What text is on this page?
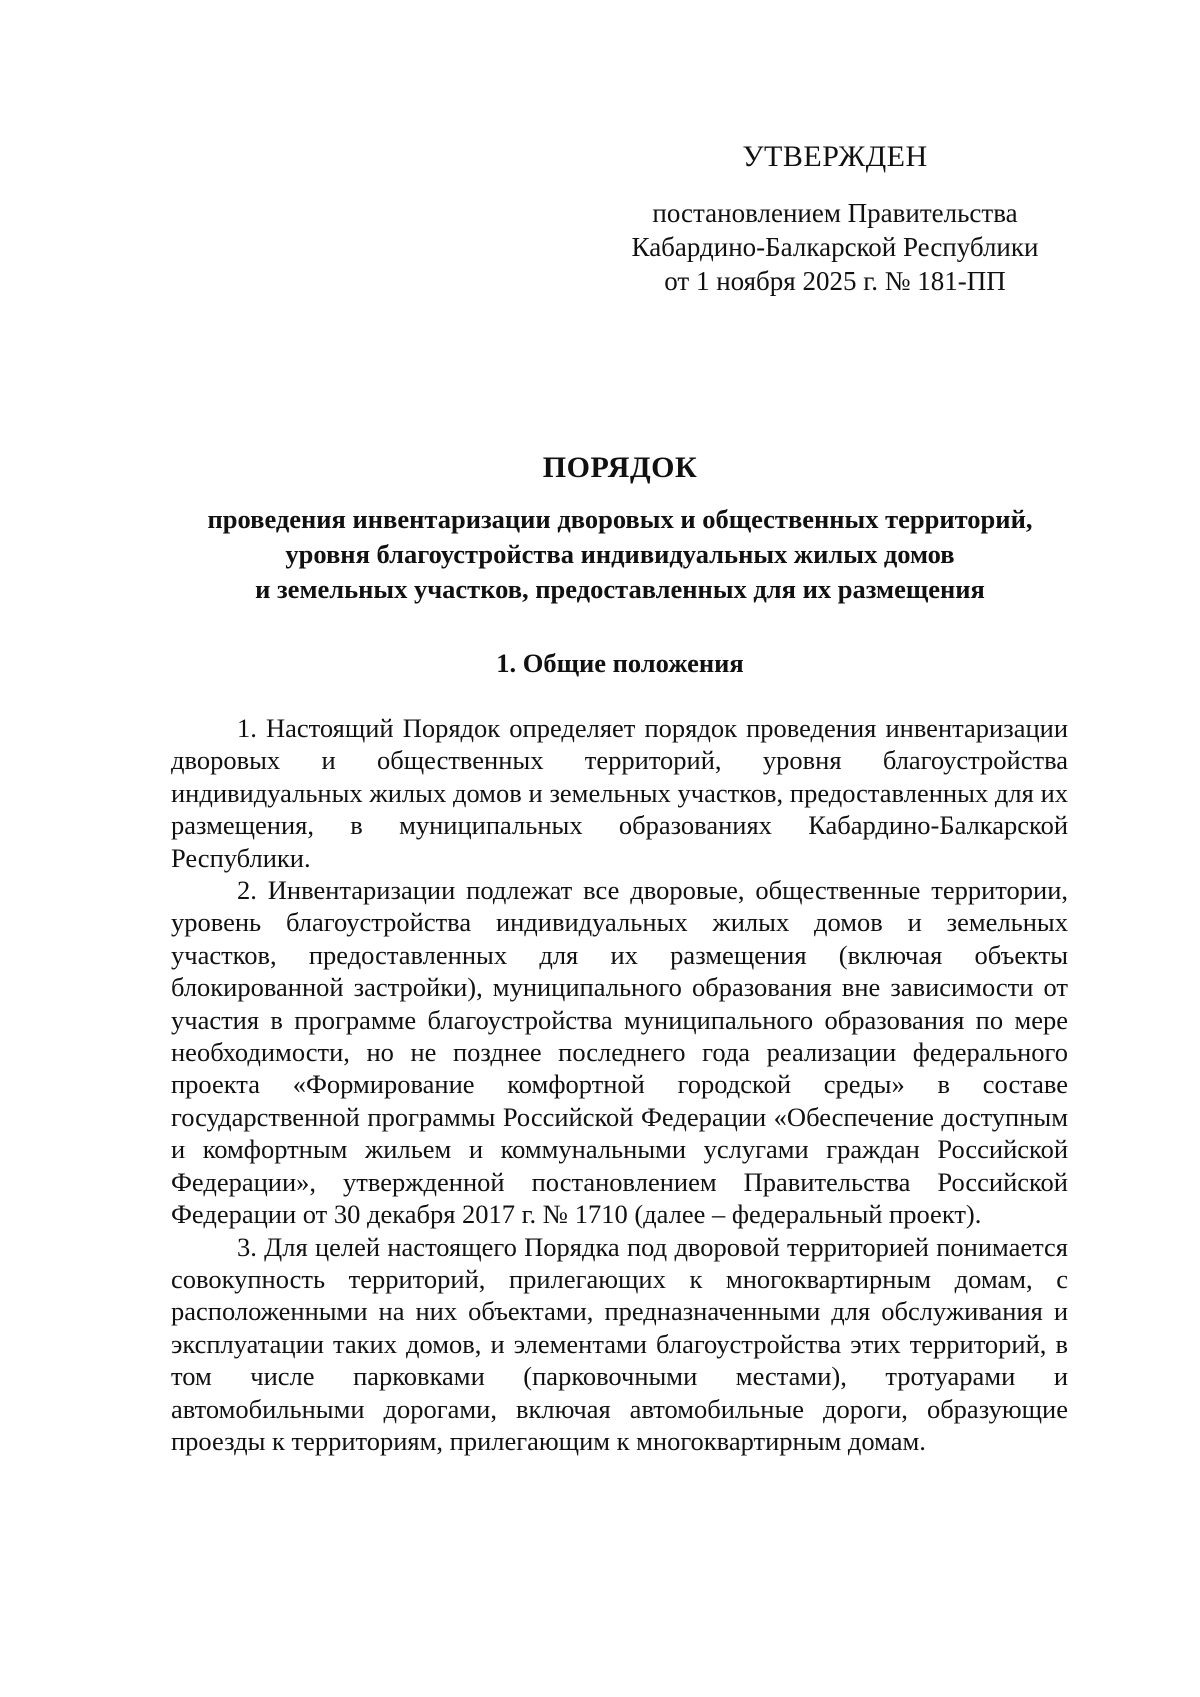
УТВЕРЖДЕН
постановлением Правительства
Кабардино-Балкарской Республики
от 1 ноября 2025 г. № 181-ПП
ПОРЯДОК
проведения инвентаризации дворовых и общественных территорий,
уровня благоустройства индивидуальных жилых домов
и земельных участков, предоставленных для их размещения
1. Общие положения

1. Настоящий Порядок определяет порядок проведения инвентаризации дворовых и общественных территорий, уровня благоустройства индивидуальных жилых домов и земельных участков, предоставленных для их размещения, в муниципальных образованиях Кабардино-Балкарской Республики.

2. Инвентаризации подлежат все дворовые, общественные территории, уровень благоустройства индивидуальных жилых домов и земельных участков, предоставленных для их размещения (включая объекты блокированной застройки), муниципального образования вне зависимости от участия в программе благоустройства муниципального образования по мере необходимости, но не позднее последнего года реализации федерального проекта «Формирование комфортной городской среды» в составе государственной программы Российской Федерации «Обеспечение доступным и комфортным жильем и коммунальными услугами граждан Российской Федерации», утвержденной постановлением Правительства Российской Федерации от 30 декабря 2017 г. № 1710 (далее – федеральный проект).

3. Для целей настоящего Порядка под дворовой территорией понимается совокупность территорий, прилегающих к многоквартирным домам, с расположенными на них объектами, предназначенными для обслуживания и эксплуатации таких домов, и элементами благоустройства этих территорий, в том числе парковками (парковочными местами), тротуарами и автомобильными дорогами, включая автомобильные дороги, образующие проезды к территориям, прилегающим к многоквартирным домам.
